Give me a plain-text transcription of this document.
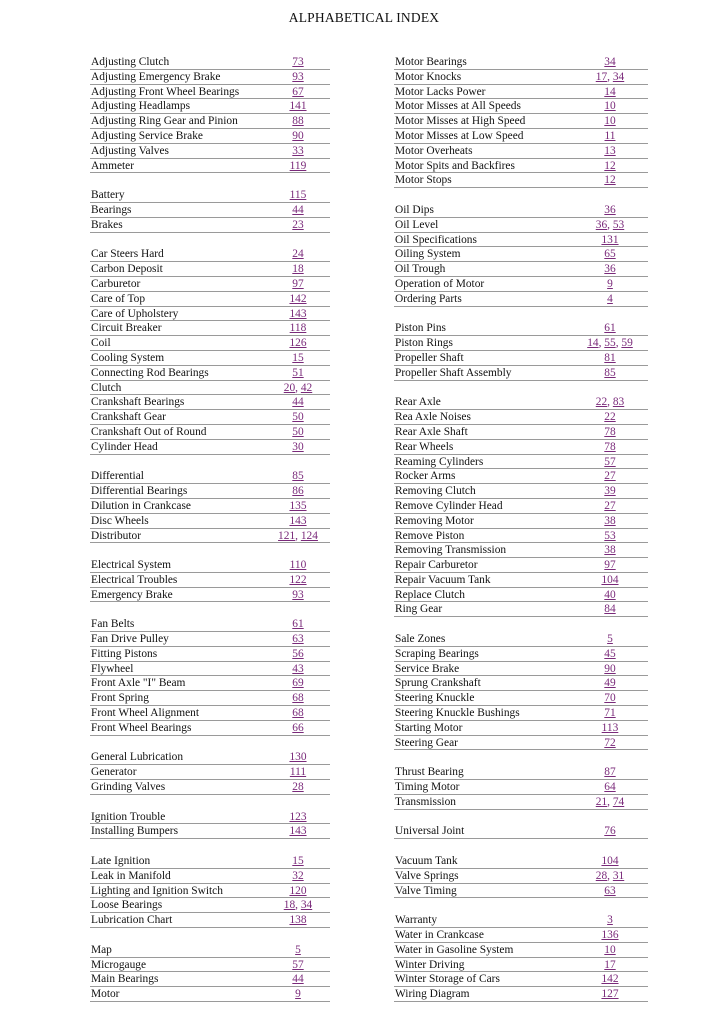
ALPHABETICAL INDEX
Adjusting Clutch	73
Adjusting Emergency Brake	93
Adjusting Front Wheel Bearings	67
Adjusting Headlamps	141
Adjusting Ring Gear and Pinion	88
Adjusting Service Brake	90
Adjusting Valves	33
Ammeter	119
Battery	115
Bearings	44
Brakes	23
Car Steers Hard	24
Carbon Deposit	18
Carburetor	97
Care of Top	142
Care of Upholstery	143
Circuit Breaker	118
Coil	126
Cooling System	15
Connecting Rod Bearings	51
Clutch	20, 42
Crankshaft Bearings	44
Crankshaft Gear	50
Crankshaft Out of Round	50
Cylinder Head	30
Differential	85
Differential Bearings	86
Dilution in Crankcase	135
Disc Wheels	143
Distributor	121, 124
Electrical System	110
Electrical Troubles	122
Emergency Brake	93
Fan Belts	61
Fan Drive Pulley	63
Fitting Pistons	56
Flywheel	43
Front Axle "I" Beam	69
Front Spring	68
Front Wheel Alignment	68
Front Wheel Bearings	66
General Lubrication	130
Generator	111
Grinding Valves	28
Ignition Trouble	123
Installing Bumpers	143
Late Ignition	15
Leak in Manifold	32
Lighting and Ignition Switch	120
Loose Bearings	18, 34
Lubrication Chart	138
Map	5
Microgauge	57
Main Bearings	44
Motor	9
Motor Bearings	34
Motor Knocks	17, 34
Motor Lacks Power	14
Motor Misses at All Speeds	10
Motor Misses at High Speed	10
Motor Misses at Low Speed	11
Motor Overheats	13
Motor Spits and Backfires	12
Motor Stops	12
Oil Dips	36
Oil Level	36, 53
Oil Specifications	131
Oiling System	65
Oil Trough	36
Operation of Motor	9
Ordering Parts	4
Piston Pins	61
Piston Rings	14, 55, 59
Propeller Shaft	81
Propeller Shaft Assembly	85
Rear Axle	22, 83
Rea Axle Noises	22
Rear Axle Shaft	78
Rear Wheels	78
Reaming Cylinders	57
Rocker Arms	27
Removing Clutch	39
Remove Cylinder Head	27
Removing Motor	38
Remove Piston	53
Removing Transmission	38
Repair Carburetor	97
Repair Vacuum Tank	104
Replace Clutch	40
Ring Gear	84
Sale Zones	5
Scraping Bearings	45
Service Brake	90
Sprung Crankshaft	49
Steering Knuckle	70
Steering Knuckle Bushings	71
Starting Motor	113
Steering Gear	72
Thrust Bearing	87
Timing Motor	64
Transmission	21, 74
Universal Joint	76
Vacuum Tank	104
Valve Springs	28, 31
Valve Timing	63
Warranty	3
Water in Crankcase	136
Water in Gasoline System	10
Winter Driving	17
Winter Storage of Cars	142
Wiring Diagram	127
